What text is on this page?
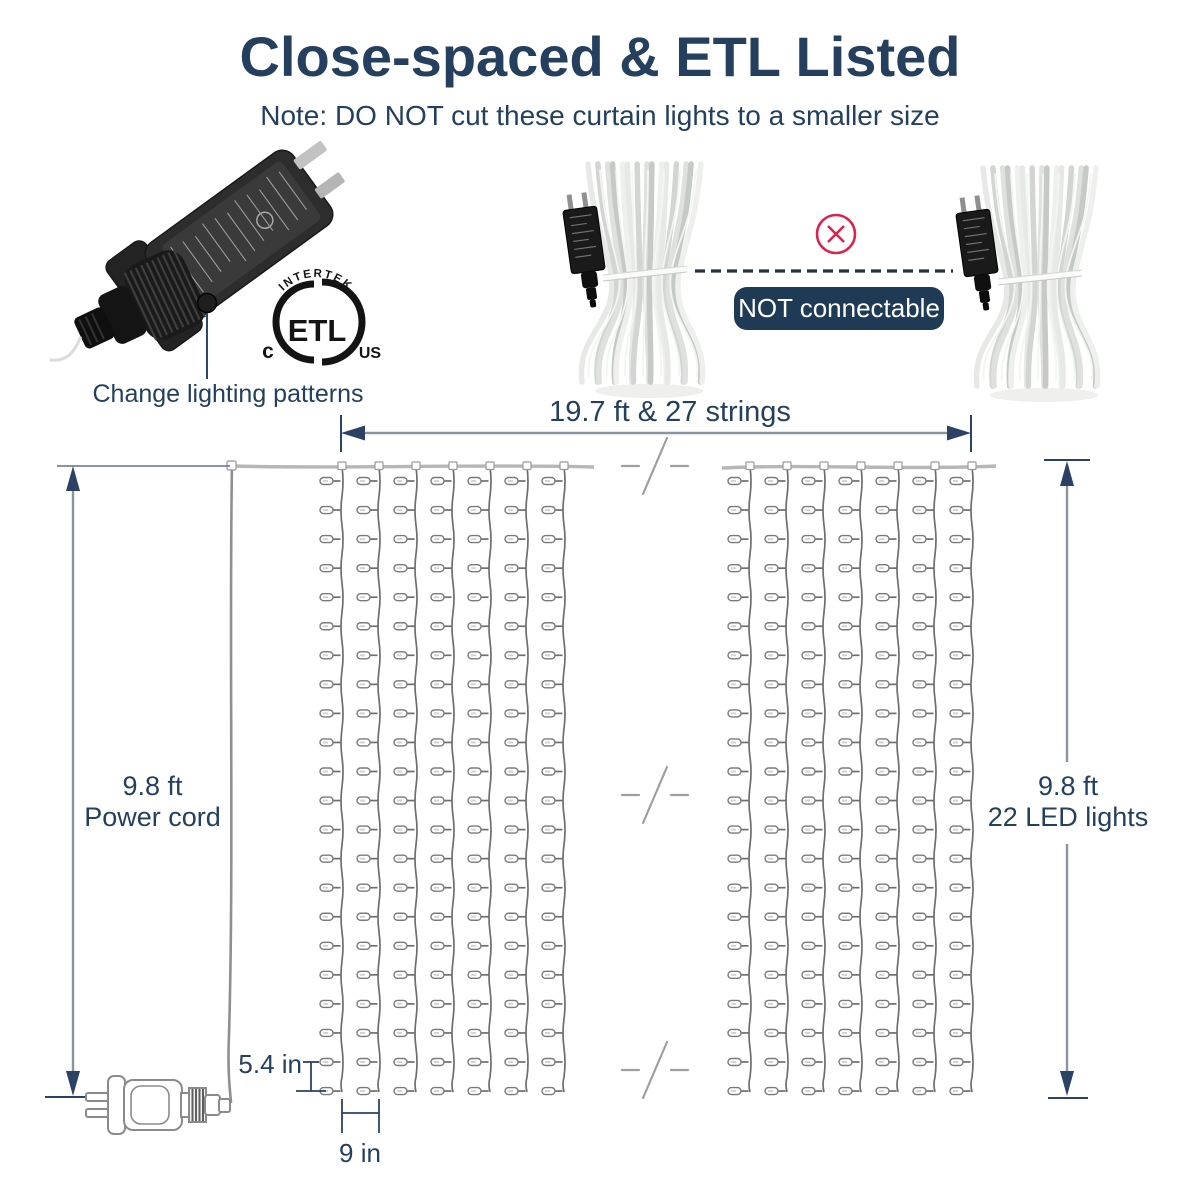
INTERTEK
ETL
c	US
Close-spaced & ETL Listed
Note: DO NOT cut these curtain lights to a smaller size
Change lighting patterns
NOT connectable
19.7 ft & 27 strings
9.8 ft
Power cord
9.8 ft
22 LED lights
5.4 in
9 in
